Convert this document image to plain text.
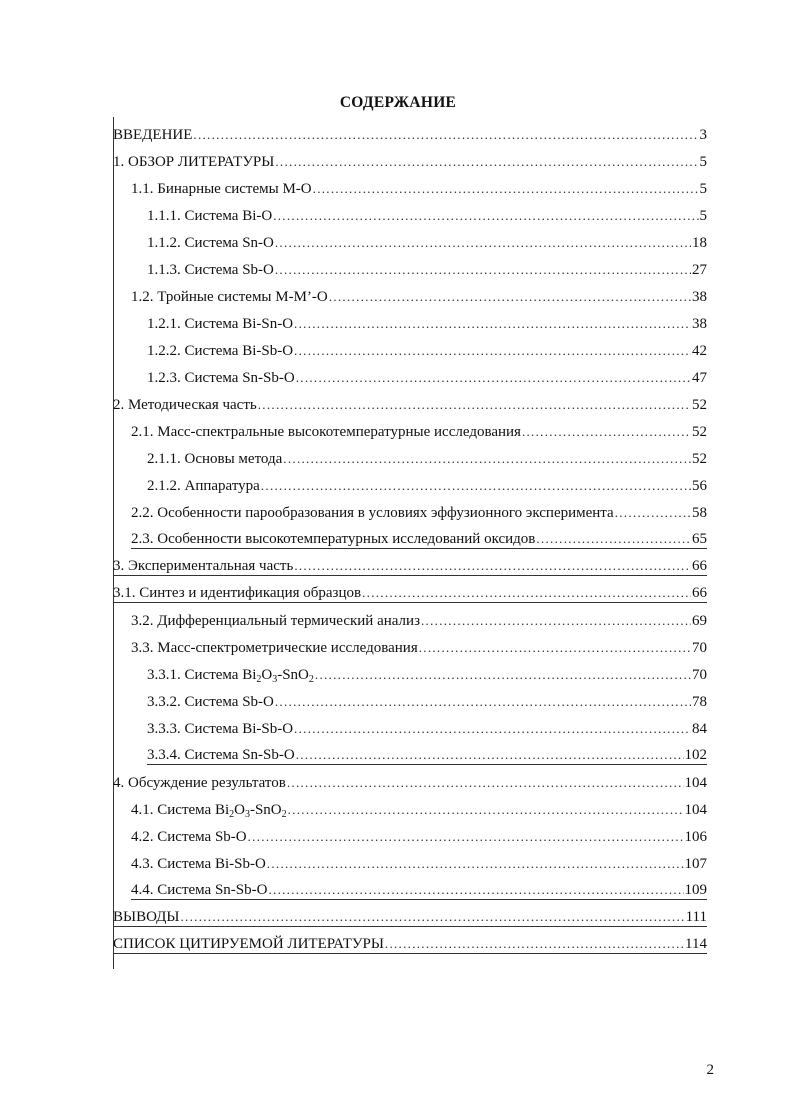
СОДЕРЖАНИЕ
ВВЕДЕНИЕ .....	3
1. ОБЗОР ЛИТЕРАТУРЫ .....	5
1.1. Бинарные системы М-О .....	5
1.1.1. Система Bi-O .....	5
1.1.2. Система Sn-O .....	18
1.1.3. Система Sb-O .....	27
1.2. Тройные системы М-М’-О .....	38
1.2.1. Система Bi-Sn-O .....	38
1.2.2. Система Bi-Sb-O .....	42
1.2.3. Система Sn-Sb-O .....	47
2. Методическая часть .....	52
2.1. Масс-спектральные высокотемпературные исследования .....	52
2.1.1. Основы метода .....	52
2.1.2. Аппаратура .....	56
2.2. Особенности парообразования в условиях эффузионного эксперимента .....	58
2.3. Особенности высокотемпературных исследований оксидов .....	65
3. Экспериментальная часть .....	66
3.1. Синтез и идентификация образцов .....	66
3.2. Дифференциальный термический анализ .....	69
3.3. Масс-спектрометрические исследования .....	70
3.3.1. Система $Bi_2O_3-SnO_2$ .....	70
3.3.2. Система Sb-O .....	78
3.3.3. Система Bi-Sb-O .....	84
3.3.4. Система Sn-Sb-O .....	102
4. Обсуждение результатов .....	104
4.1. Система $Bi_2O_3-SnO_2$ .....	104
4.2. Система Sb-O .....	106
4.3. Система Bi-Sb-O .....	107
4.4. Система Sn-Sb-O .....	109
ВЫВОДЫ .....	111
СПИСОК ЦИТИРУЕМОЙ ЛИТЕРАТУРЫ .....	114
2
